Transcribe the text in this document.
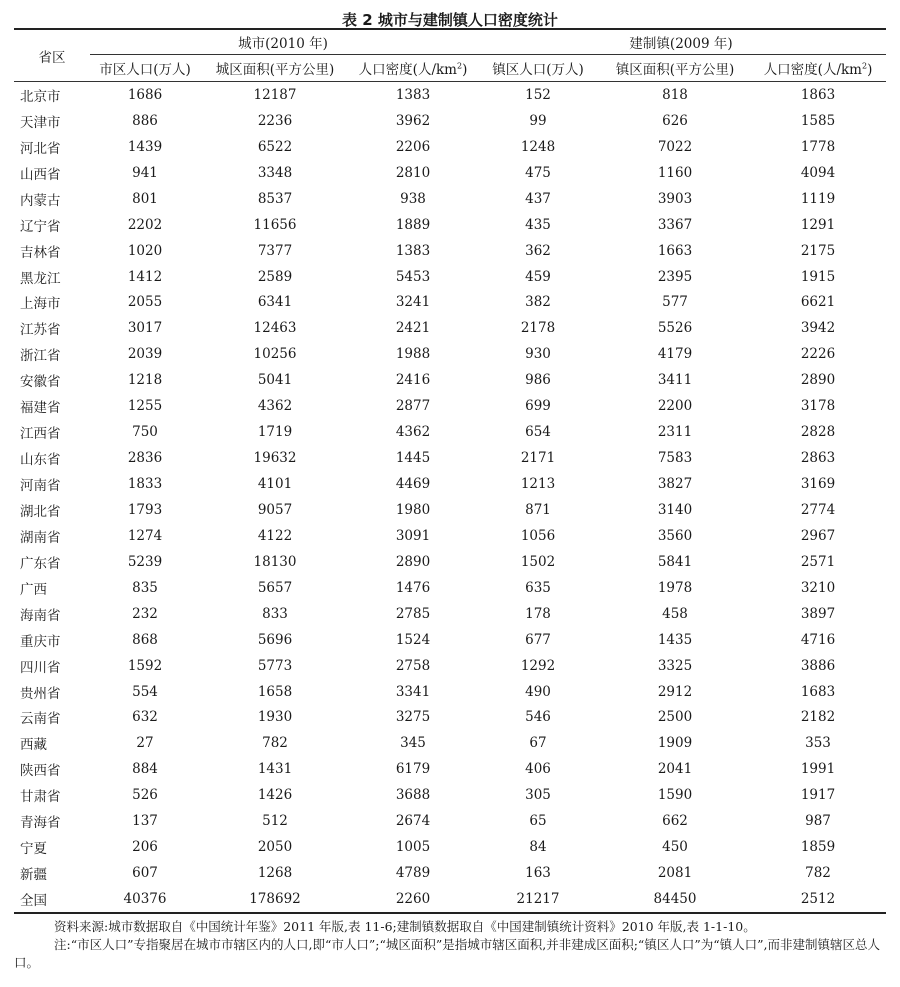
表 2 城市与建制镇人口密度统计
省区	城市(2010 年)			建制镇(2009 年)		
	市区人口(万人)	城区面积(平方公里)	人口密度(人$/km^2$)	镇区人口(万人)	镇区面积(平方公里)	人口密度(人$/km^2$)
北京市	1686	12187	1383	152	818	1863
天津市	886	2236	3962	99	626	1585
河北省	1439	6522	2206	1248	7022	1778
山西省	941	3348	2810	475	1160	4094
内蒙古	801	8537	938	437	3903	1119
辽宁省	2202	11656	1889	435	3367	1291
吉林省	1020	7377	1383	362	1663	2175
黑龙江	1412	2589	5453	459	2395	1915
上海市	2055	6341	3241	382	577	6621
江苏省	3017	12463	2421	2178	5526	3942
浙江省	2039	10256	1988	930	4179	2226
安徽省	1218	5041	2416	986	3411	2890
福建省	1255	4362	2877	699	2200	3178
江西省	750	1719	4362	654	2311	2828
山东省	2836	19632	1445	2171	7583	2863
河南省	1833	4101	4469	1213	3827	3169
湖北省	1793	9057	1980	871	3140	2774
湖南省	1274	4122	3091	1056	3560	2967
广东省	5239	18130	2890	1502	5841	2571
广西	835	5657	1476	635	1978	3210
海南省	232	833	2785	178	458	3897
重庆市	868	5696	1524	677	1435	4716
四川省	1592	5773	2758	1292	3325	3886
贵州省	554	1658	3341	490	2912	1683
云南省	632	1930	3275	546	2500	2182
西藏	27	782	345	67	1909	353
陕西省	884	1431	6179	406	2041	1991
甘肃省	526	1426	3688	305	1590	1917
青海省	137	512	2674	65	662	987
宁夏	206	2050	1005	84	450	1859
新疆	607	1268	4789	163	2081	782
全国	40376	178692	2260	21217	84450	2512

资料来源:城市数据取自《中国统计年鉴》2011 年版,表 11-6;建制镇数据取自《中国建制镇统计资料》2010 年版,表 1-1-10。

注:“市区人口”专指聚居在城市市辖区内的人口,即“市人口”;“城区面积”是指城市辖区面积,并非建成区面积;“镇区人口”为“镇人口”,而非建制镇辖区总人口。
